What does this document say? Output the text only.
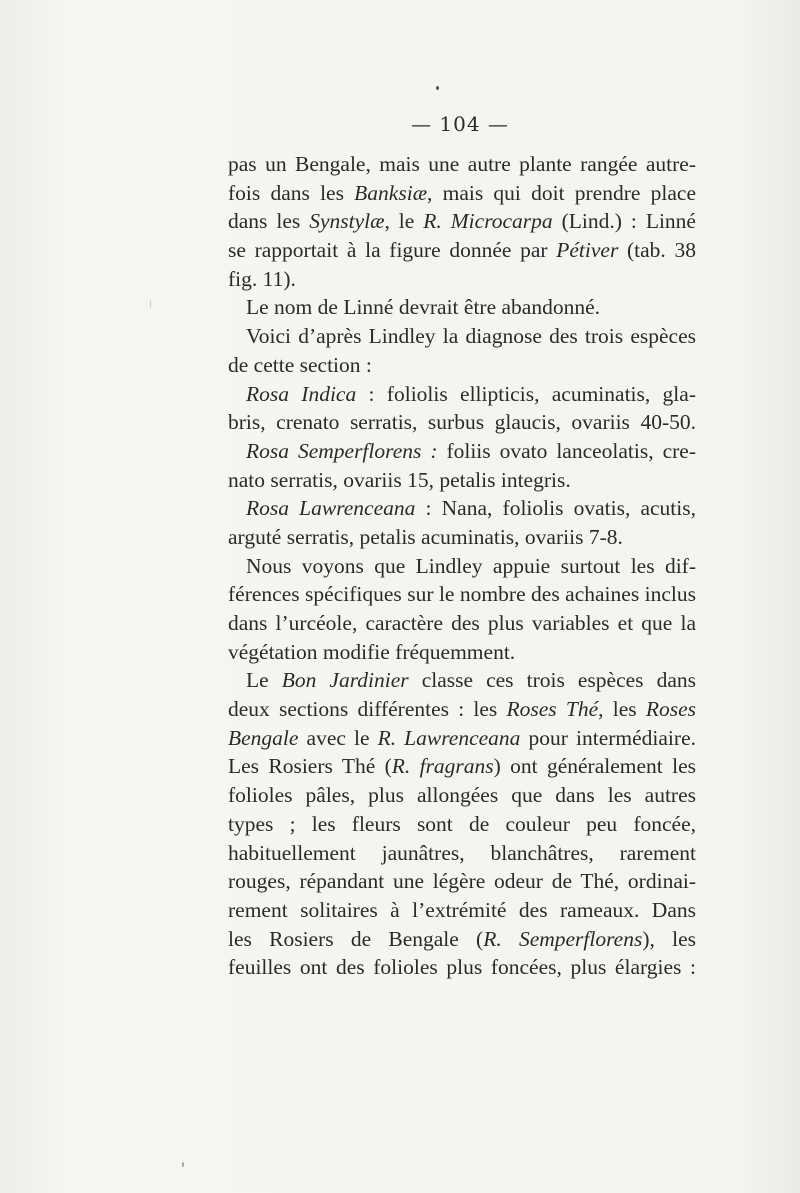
— 104 —
pas un Bengale, mais une autre plante rangée autre-
fois dans les Banksiæ, mais qui doit prendre place
dans les Synstylæ, le R. Microcarpa (Lind.) : Linné
se rapportait à la figure donnée par Pétiver (tab. 38
fig. 11).
Le nom de Linné devrait être abandonné.
Voici d’après Lindley la diagnose des trois espèces
de cette section :
Rosa Indica : foliolis ellipticis, acuminatis, gla-
bris, crenato serratis, surbus glaucis, ovariis 40-50.
Rosa Semperflorens : foliis ovato lanceolatis, cre-
nato serratis, ovariis 15, petalis integris.
Rosa Lawrenceana : Nana, foliolis ovatis, acutis,
arguté serratis, petalis acuminatis, ovariis 7-8.
Nous voyons que Lindley appuie surtout les dif-
férences spécifiques sur le nombre des achaines inclus
dans l’urcéole, caractère des plus variables et que la
végétation modifie fréquemment.
Le Bon Jardinier classe ces trois espèces dans
deux sections différentes : les Roses Thé, les Roses
Bengale avec le R. Lawrenceana pour intermédiaire.
Les Rosiers Thé (R. fragrans) ont généralement les
folioles pâles, plus allongées que dans les autres
types ; les fleurs sont de couleur peu foncée,
habituellement jaunâtres, blanchâtres, rarement
rouges, répandant une légère odeur de Thé, ordinai-
rement solitaires à l’extrémité des rameaux. Dans
les Rosiers de Bengale (R. Semperflorens), les
feuilles ont des folioles plus foncées, plus élargies :
